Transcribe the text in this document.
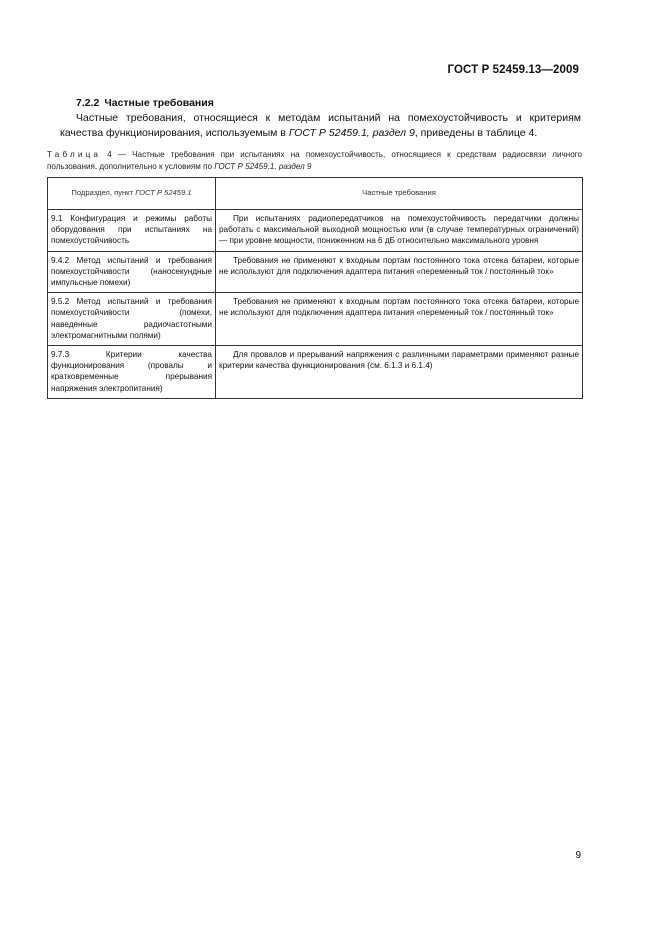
ГОСТ Р 52459.13—2009
7.2.2 Частные требования

Частные требования, относящиеся к методам испытаний на помехоустойчивость и критериям качества функционирования, используемым в ГОСТ Р 52459.1, раздел 9, приведены в таблице 4.

Таблица 4 — Частные требования при испытаниях на помехоустойчивость, относящиеся к средствам радиосвязи личного пользования, дополнительно к условиям по ГОСТ Р 52459.1, раздел 9
Подраздел, пункт ГОСТ Р 52459.1	Частные требования
9.1 Конфигурация и режимы работы оборудования при испытаниях на помехоустойчивость	При испытаниях радиопередатчиков на помехоустойчивость передатчики должны работать с максимальной выходной мощностью или (в случае температурных ограничений) — при уровне мощности, пониженном на 6 дБ относительно максимального уровня
9.4.2 Метод испытаний и требования помехоустойчивости (наносекундные импульсные помехи)	Требования не применяют к входным портам постоянного тока отсека батареи, которые не используют для подключения адаптера питания «переменный ток / постоянный ток»
9.5.2 Метод испытаний и требования помехоустойчивости (помехи, наведенные радиочастотными электромагнитными полями)	Требования не применяют к входным портам постоянного тока отсека батареи, которые не используют для подключения адаптера питания «переменный ток / постоянный ток»
9.7.3 Критерии качества функционирования (провалы и кратковременные прерывания напряжения электропитания)	Для провалов и прерываний напряжения с различными параметрами применяют разные критерии качества функционирования (см. 6.1.3 и 6.1.4)
9
